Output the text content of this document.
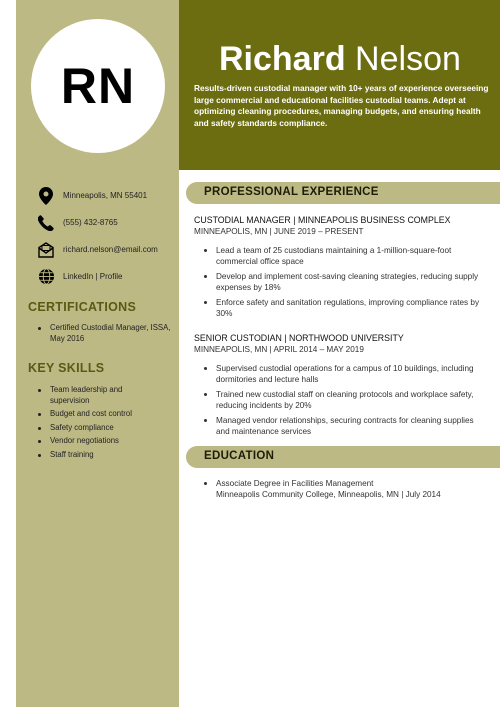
RN Richard Nelson
Results-driven custodial manager with 10+ years of experience overseeing large commercial and educational facilities custodial teams. Adept at optimizing cleaning procedures, managing budgets, and ensuring health and safety standards compliance.
Minneapolis, MN 55401
(555) 432-8765
richard.nelson@email.com
LinkedIn | Profile
CERTIFICATIONS
Certified Custodial Manager, ISSA, May 2016
KEY SKILLS
Team leadership and supervision
Budget and cost control
Safety compliance
Vendor negotiations
Staff training
PROFESSIONAL EXPERIENCE
CUSTODIAL MANAGER | MINNEAPOLIS BUSINESS COMPLEX
MINNEAPOLIS, MN | JUNE 2019 – PRESENT
Lead a team of 25 custodians maintaining a 1-million-square-foot commercial office space
Develop and implement cost-saving cleaning strategies, reducing supply expenses by 18%
Enforce safety and sanitation regulations, improving compliance rates by 30%
SENIOR CUSTODIAN | NORTHWOOD UNIVERSITY
MINNEAPOLIS, MN | APRIL 2014 – MAY 2019
Supervised custodial operations for a campus of 10 buildings, including dormitories and lecture halls
Trained new custodial staff on cleaning protocols and workplace safety, reducing incidents by 20%
Managed vendor relationships, securing contracts for cleaning supplies and maintenance services
EDUCATION
Associate Degree in Facilities Management
Minneapolis Community College, Minneapolis, MN | July 2014
